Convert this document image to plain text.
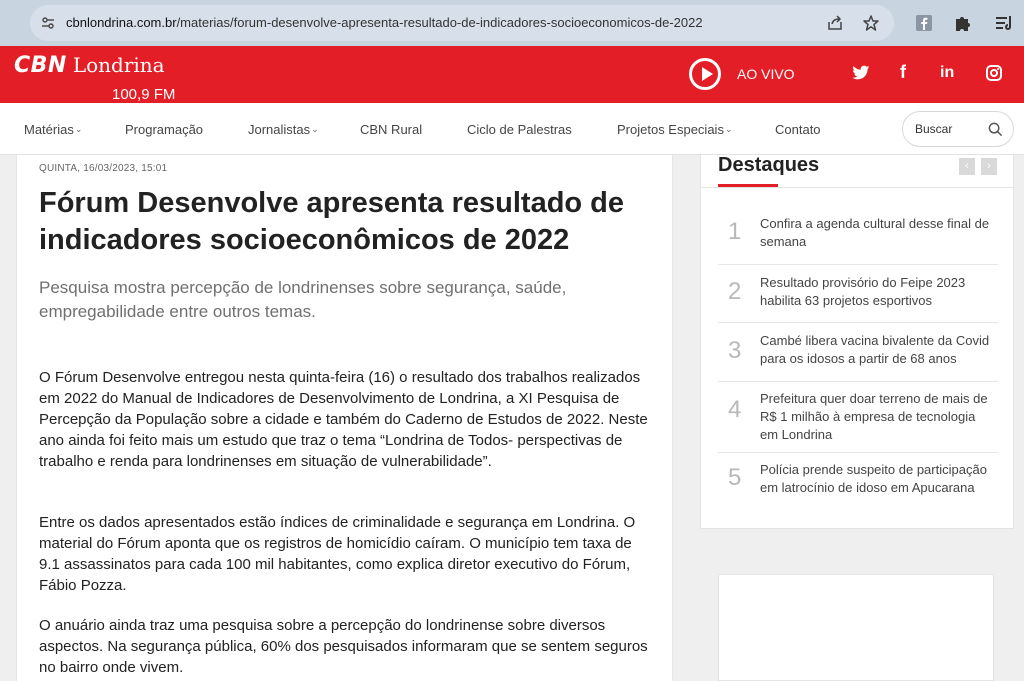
cbnlondrina.com.br/materias/forum-desenvolve-apresenta-resultado-de-indicadores-socioeconomicos-de-2022
CBN Londrina
100,9 FM
AO VIVO	f in
Matérias⌄	Programação	Jornalistas⌄	CBN Rural	Ciclo de Palestras	Projetos Especiais⌄	Contato
Buscar
QUINTA, 16/03/2023, 15:01
Fórum Desenvolve apresenta resultado de indicadores socioeconômicos de 2022
Pesquisa mostra percepção de londrinenses sobre segurança, saúde, empregabilidade entre outros temas.

O Fórum Desenvolve entregou nesta quinta-feira (16) o resultado dos trabalhos realizados em 2022 do Manual de Indicadores de Desenvolvimento de Londrina, a XI Pesquisa de Percepção da População sobre a cidade e também do Caderno de Estudos de 2022. Neste ano ainda foi feito mais um estudo que traz o tema “Londrina de Todos- perspectivas de trabalho e renda para londrinenses em situação de vulnerabilidade”.

Entre os dados apresentados estão índices de criminalidade e segurança em Londrina. O material do Fórum aponta que os registros de homicídio caíram. O município tem taxa de 9.1 assassinatos para cada 100 mil habitantes, como explica diretor executivo do Fórum, Fábio Pozza.

O anuário ainda traz uma pesquisa sobre a percepção do londrinense sobre diversos aspectos. Na segurança pública, 60% dos pesquisados informaram que se sentem seguros no bairro onde vivem.

Destaques	‹	›
1 Confira a agenda cultural desse final de semana
2 Resultado provisório do Feipe 2023 habilita 63 projetos esportivos
3 Cambé libera vacina bivalente da Covid para os idosos a partir de 68 anos
4 Prefeitura quer doar terreno de mais de R$ 1 milhão à empresa de tecnologia em Londrina
5 Polícia prende suspeito de participação em latrocínio de idoso em Apucarana
